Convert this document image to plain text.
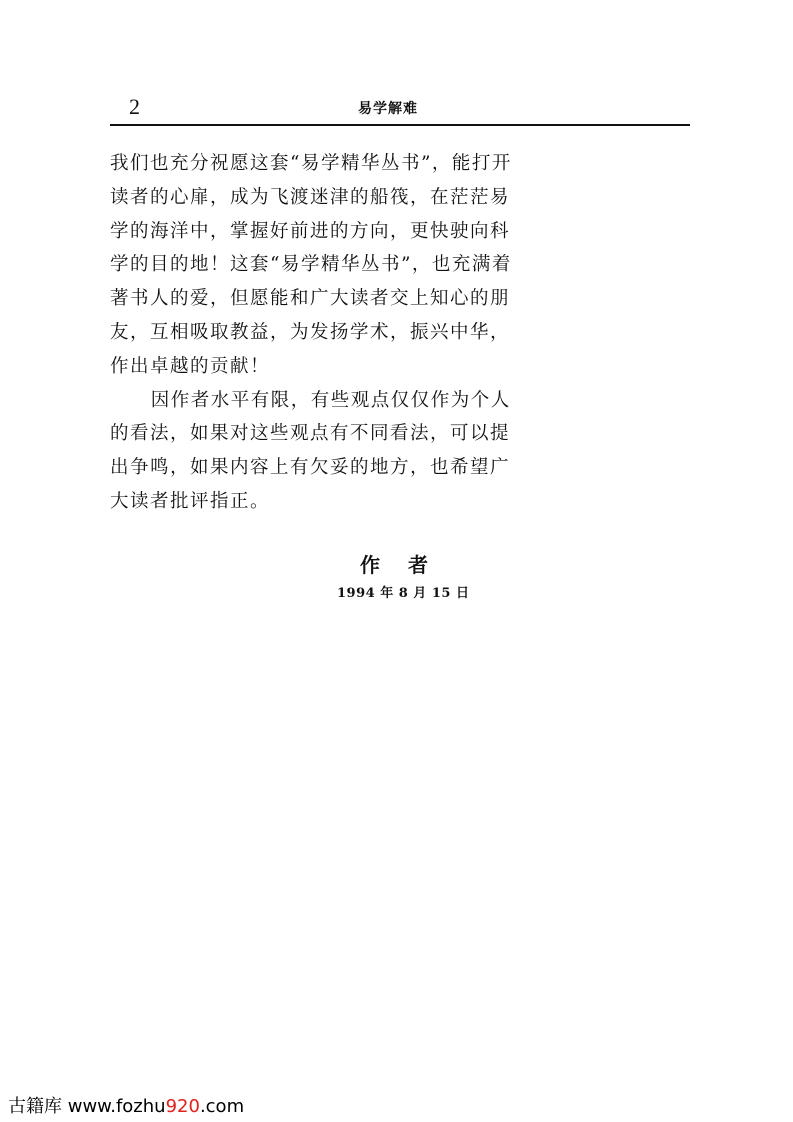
2	易学解难

我们也充分祝愿这套“易学精华丛书”，能打开读者的心扉，成为飞渡迷津的船筏，在茫茫易学的海洋中，掌握好前进的方向，更快驶向科学的目的地！这套“易学精华丛书”，也充满着著书人的爱，但愿能和广大读者交上知心的朋友，互相吸取教益，为发扬学术，振兴中华，作出卓越的贡献！

因作者水平有限，有些观点仅仅作为个人的看法，如果对这些观点有不同看法，可以提出争鸣，如果内容上有欠妥的地方，也希望广大读者批评指正。

作者
1994 年 8 月 15 日
古籍库 www.fozhu920.com
